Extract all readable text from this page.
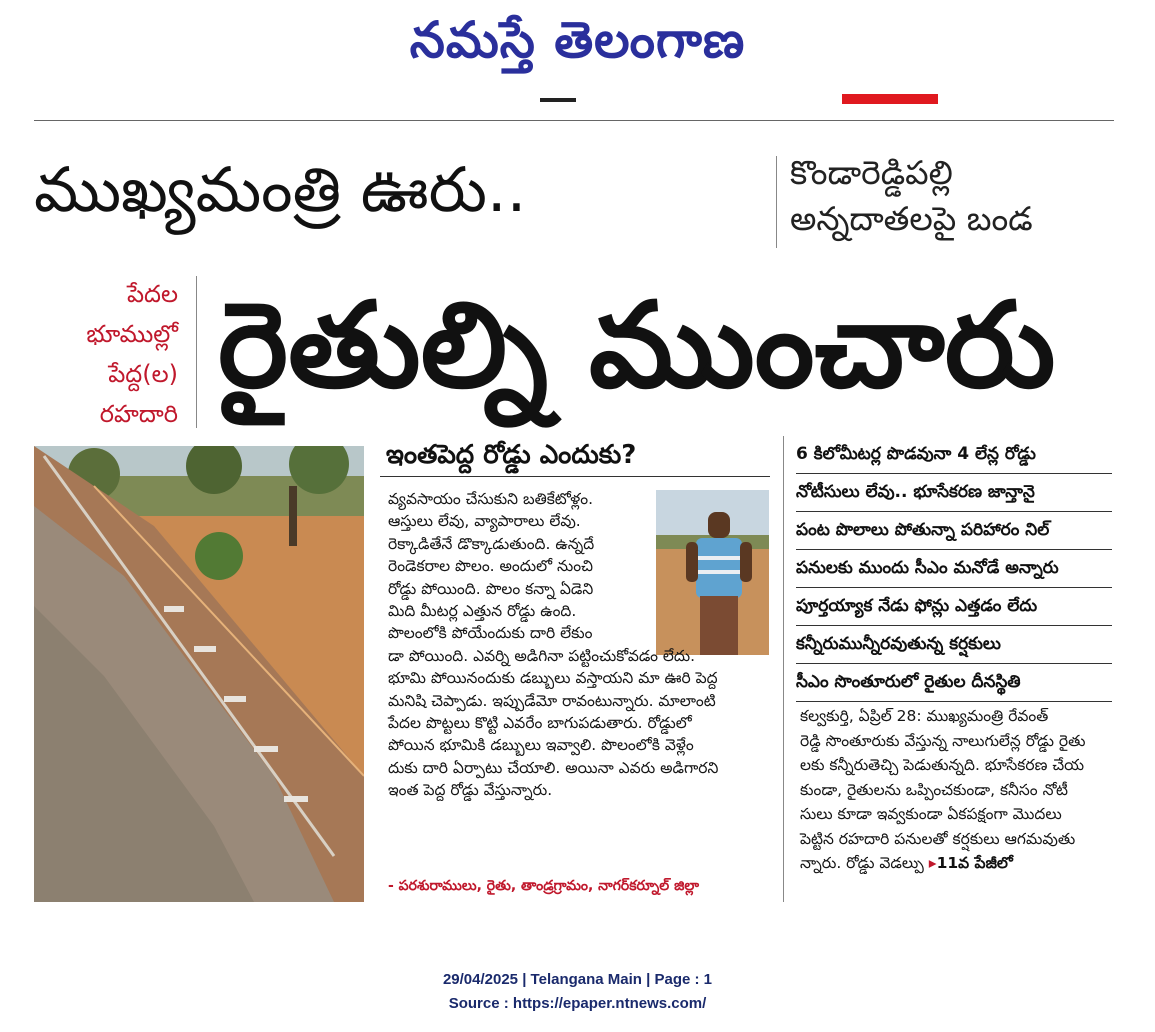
నమస్తే తెలంగాణ
ముఖ్యమంత్రి ఊరు..	కొండారెడ్డిపల్లి
అన్నదాతలపై బండ
పేదల
భూముల్లో
పేద్ద(ల)
రహదారి రైతుల్ని ముంచారు
ఇంతపెద్ద రోడ్డు ఎందుకు?
వ్యవసాయం చేసుకుని బతికేటోళ్లం.
ఆస్తులు లేవు, వ్యాపారాలు లేవు.
రెక్కాడితేనే డొక్కాడుతుంది. ఉన్నదే
రెండెకరాల పొలం. అందులో నుంచి
రోడ్డు పోయింది. పొలం కన్నా ఏడెని
మిది మీటర్ల ఎత్తున రోడ్డు ఉంది.
పొలంలోకి పోయేందుకు దారి లేకుం
డా పోయింది. ఎవర్ని అడిగినా పట్టించుకోవడం లేదు.
భూమి పోయినందుకు డబ్బులు వస్తాయని మా ఊరి పెద్ద
మనిషి చెప్పాడు. ఇప్పుడేమో రావంటున్నారు. మాలాంటి
పేదల పొట్టలు కొట్టి ఎవరేం బాగుపడుతారు. రోడ్డులో
పోయిన భూమికి డబ్బులు ఇవ్వాలి. పొలంలోకి వెళ్లేం
దుకు దారి ఏర్పాటు చేయాలి. అయినా ఎవరు అడిగారని
ఇంత పెద్ద రోడ్డు వేస్తున్నారు.
- పరశురాములు, రైతు, తాండ్రగ్రామం, నాగర్‌కర్నూల్ జిల్లా
6 కిలోమీటర్ల పొడవునా 4 లేన్ల రోడ్డు
నోటీసులు లేవు.. భూసేకరణ జాన్తానై
పంట పొలాలు పోతున్నా పరిహారం నిల్
పనులకు ముందు సీఎం మనోడే అన్నారు
పూర్తయ్యాక నేడు ఫోన్లు ఎత్తడం లేదు
కన్నీరుమున్నీరవుతున్న కర్షకులు
సీఎం సొంతూరులో రైతుల దీనస్థితి
కల్వకుర్తి, ఏప్రిల్ 28: ముఖ్యమంత్రి రేవంత్
రెడ్డి సొంతూరుకు వేస్తున్న నాలుగులేన్ల రోడ్డు రైతు
లకు కన్నీరుతెచ్చి పెడుతున్నది. భూసేకరణ చేయ
కుండా, రైతులను ఒప్పించకుండా, కనీసం నోటీ
సులు కూడా ఇవ్వకుండా ఏకపక్షంగా మొదలు
పెట్టిన రహదారి పనులతో కర్షకులు ఆగమవుతు
న్నారు. రోడ్డు వెడల్పు ▸11వ పేజీలో
29/04/2025 | Telangana Main | Page : 1
Source : https://epaper.ntnews.com/
